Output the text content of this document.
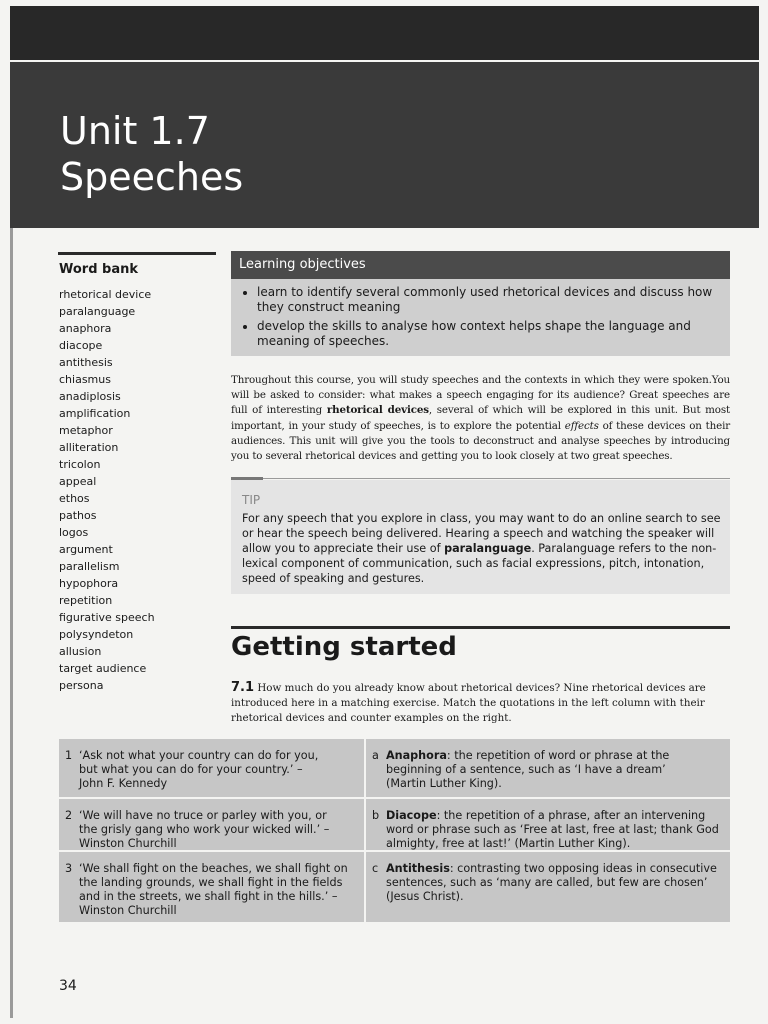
Unit 1.7
Speeches
Word bank
rhetorical device
paralanguage
anaphora
diacope
antithesis
chiasmus
anadiplosis
amplification
metaphor
alliteration
tricolon
appeal
ethos
pathos
logos
argument
parallelism
hypophora
repetition
figurative speech
polysyndeton
allusion
target audience
persona
Learning objectives
• learn to identify several commonly used rhetorical devices and discuss how they construct meaning
• develop the skills to analyse how context helps shape the language and meaning of speeches.

Throughout this course, you will study speeches and the contexts in which they were spoken.You will be asked to consider: what makes a speech engaging for its audience? Great speeches are full of interesting rhetorical devices, several of which will be explored in this unit. But most important, in your study of speeches, is to explore the potential effects of these devices on their audiences. This unit will give you the tools to deconstruct and analyse speeches by introducing you to several rhetorical devices and getting you to look closely at two great speeches.

TIP

For any speech that you explore in class, you may want to do an online search to see or hear the speech being delivered. Hearing a speech and watching the speaker will allow you to appreciate their use of paralanguage. Paralanguage refers to the non-lexical component of communication, such as facial expressions, pitch, intonation, speed of speaking and gestures.

Getting started

7.1 How much do you already know about rhetorical devices? Nine rhetorical devices are introduced here in a matching exercise. Match the quotations in the left column with their rhetorical devices and counter examples on the right.

1 ‘Ask not what your country can do for you,
but what you can do for your country.’ –
John F. Kennedy
a Anaphora: the repetition of word or phrase at the
beginning of a sentence, such as ‘I have a dream’
(Martin Luther King).
2 ‘We will have no truce or parley with you, or
the grisly gang who work your wicked will.’ –
Winston Churchill
b Diacope: the repetition of a phrase, after an intervening
word or phrase such as ‘Free at last, free at last; thank God
almighty, free at last!’ (Martin Luther King).
3 ‘We shall fight on the beaches, we shall fight on
the landing grounds, we shall fight in the fields
and in the streets, we shall fight in the hills.’ –
Winston Churchill
c Antithesis: contrasting two opposing ideas in consecutive
sentences, such as ‘many are called, but few are chosen’
(Jesus Christ).
34
